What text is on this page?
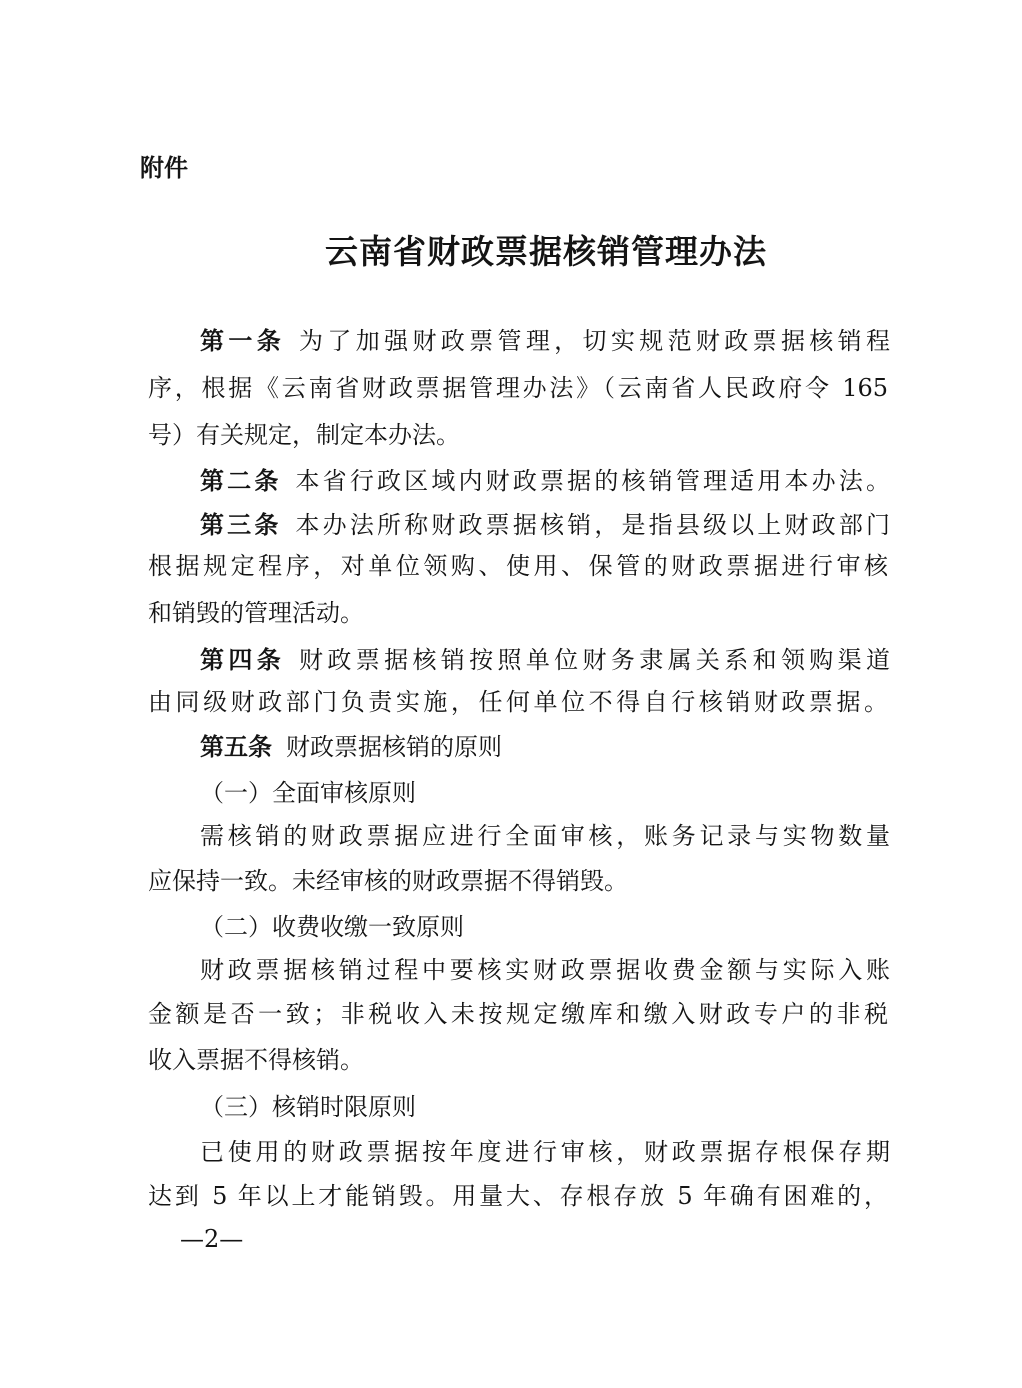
附件
云南省财政票据核销管理办法
第一条 为了加强财政票管理，切实规范财政票据核销程
序，根据《云南省财政票据管理办法》（云南省人民政府令 165
号）有关规定，制定本办法。
第二条 本省行政区域内财政票据的核销管理适用本办法。
第三条 本办法所称财政票据核销，是指县级以上财政部门
根据规定程序，对单位领购、使用、保管的财政票据进行审核
和销毁的管理活动。
第四条 财政票据核销按照单位财务隶属关系和领购渠道
由同级财政部门负责实施，任何单位不得自行核销财政票据。
第五条 财政票据核销的原则
（一）全面审核原则
需核销的财政票据应进行全面审核，账务记录与实物数量
应保持一致。未经审核的财政票据不得销毁。
（二）收费收缴一致原则
财政票据核销过程中要核实财政票据收费金额与实际入账
金额是否一致；非税收入未按规定缴库和缴入财政专户的非税
收入票据不得核销。
（三）核销时限原则
已使用的财政票据按年度进行审核，财政票据存根保存期
达到 5 年以上才能销毁。用量大、存根存放 5 年确有困难的，
—2—
